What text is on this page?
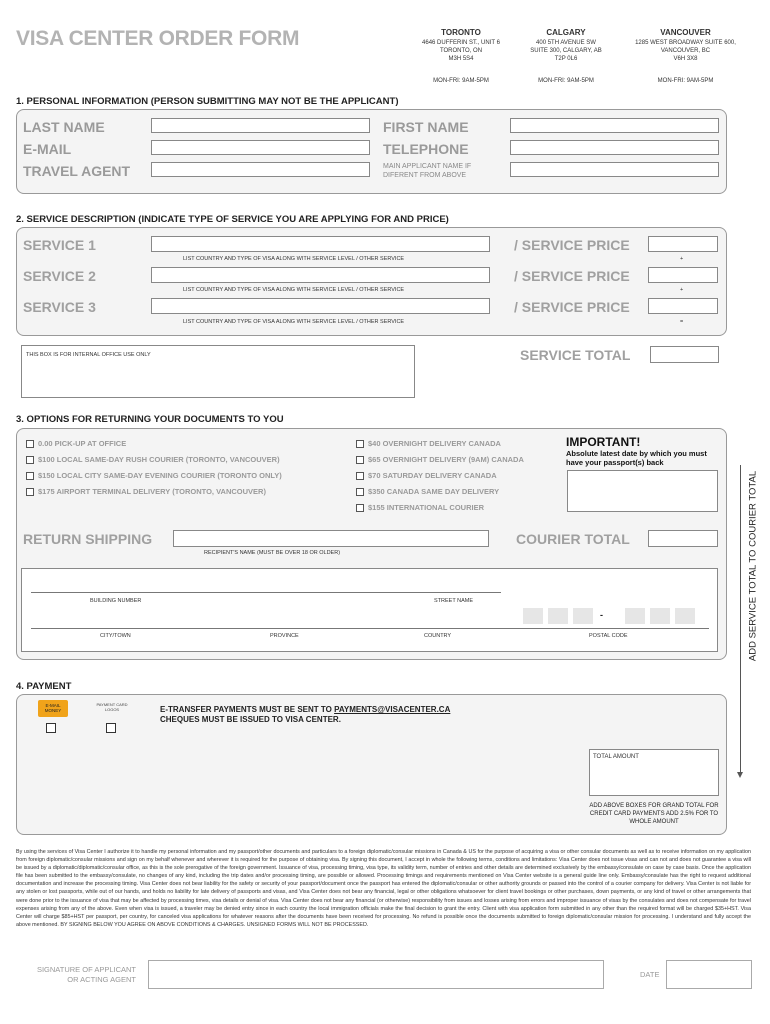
VISA CENTER ORDER FORM	TORONTO
4646 DUFFERIN ST., UNIT 6
TORONTO, ON
M3H 5S4
MON-FRI: 9AM-5PM
CALGARY
400 5TH AVENUE SW
SUITE 300, CALGARY, AB
T2P 0L6
MON-FRI: 9AM-5PM
VANCOUVER
1285 WEST BROADWAY SUITE 600,
VANCOUVER, BC
V6H 3X8
MON-FRI: 9AM-5PM
1. PERSONAL INFORMATION (PERSON SUBMITTING MAY NOT BE THE APPLICANT)
LAST NAME	FIRST NAME
E-MAIL	TELEPHONE
TRAVEL AGENT	MAIN APPLICANT NAME IF DIFERENT FROM ABOVE
2. SERVICE DESCRIPTION (INDICATE TYPE OF SERVICE YOU ARE APPLYING FOR AND PRICE)
SERVICE 1
LIST COUNTRY AND TYPE OF VISA ALONG WITH SERVICE LEVEL / OTHER SERVICE
/ SERVICE PRICE
+
SERVICE 2
LIST COUNTRY AND TYPE OF VISA ALONG WITH SERVICE LEVEL / OTHER SERVICE
/ SERVICE PRICE
+
SERVICE 3
LIST COUNTRY AND TYPE OF VISA ALONG WITH SERVICE LEVEL / OTHER SERVICE
/ SERVICE PRICE
=
THIS BOX IS FOR INTERNAL OFFICE USE ONLY	SERVICE TOTAL
3. OPTIONS FOR RETURNING YOUR DOCUMENTS TO YOU
0.00 PICK-UP AT OFFICE
$100 LOCAL SAME-DAY RUSH COURIER (TORONTO, VANCOUVER)
$150 LOCAL CITY SAME-DAY EVENING COURIER (TORONTO ONLY)
$175 AIRPORT TERMINAL DELIVERY (TORONTO, VANCOUVER)
$40 OVERNIGHT DELIVERY CANADA
$65 OVERNIGHT DELIVERY (9AM) CANADA
$70 SATURDAY DELIVERY CANADA
$350 CANADA SAME DAY DELIVERY
$155 INTERNATIONAL COURIER
IMPORTANT!
Absolute latest date by which you must have your passport(s) back
RETURN SHIPPING
RECIPIENT'S NAME (MUST BE OVER 18 OR OLDER)
COURIER TOTAL
BUILDING NUMBER	STREET NAME
CITY/TOWN	PROVINCE	COUNTRY	POSTAL CODE
-	ADD SERVICE TOTAL TO COURIER TOTAL
4. PAYMENT
E-MAIL MONEY
PAYMENT CARD LOGOS	E-TRANSFER PAYMENTS MUST BE SENT TO PAYMENTS@VISACENTER.CA
CHEQUES MUST BE ISSUED TO VISA CENTER.
TOTAL AMOUNT
ADD ABOVE BOXES FOR GRAND TOTAL FOR CREDIT CARD PAYMENTS ADD 2.5% FOR TO WHOLE AMOUNT
By using the services of Visa Center I authorize it to handle my personal information and my passport/other documents and particulars to a foreign diplomatic/consular missions in Canada & US for the purpose of acquiring a visa or other consular documents as well as to receive information on my application from foreign diplomatic/consular missions and sign on my behalf whenever and wherever it is required for the purpose of obtaining visa. By signing this document, I accept in whole the following terms, conditions and limitations: Visa Center does not issue visas and can not and does not guarantee a visa will be issued by a diplomatic/diplomatic/consular office, as this is the sole prerogative of the foreign government. Issuance of visa, processing timing, visa type, its validity term, number of entries and other details are determined exclusively by the embassy/consulate on case by case basis. Once the application file has been submitted to the embassy/consulate, no changes of any kind, including the trip dates and/or processing timing, are possible or allowed. Processing timings and requirements mentioned on Visa Center website is a general guide line only. Embassy/consulate has the right to request additional documentation and increase the processing timing. Visa Center does not bear liability for the safety or security of your passport/document once the passport has entered the diplomatic/consular or other authority grounds or passed into the control of a courier company for delivery. Visa Center is not liable for any stolen or lost passports, while out of our hands, and holds no liability for late delivery of passports and visas, and Visa Center does not bear any financial, legal or other obligations whatsoever for client travel bookings or other purchases, down payments, or any kind of travel or other arrangements that were done prior to the issuance of visa that may be affected by processing times, visa details or denial of visa. Visa Center does not bear any financial (or otherwise) responsibility from issues and losses arising from errors and improper issuance of visas by the consulates and does not compensate for travel expenses arising from any of the above. Even when visa is issued, a traveler may be denied entry since in each country the local immigration officials make the final decision to grant the entry. Client with visa application form submitted in any other than the required format will be charged $35+HST. Visa Center will charge $85+HST per passport, per country, for canceled visa applications for whatever reasons after the documents have been received for processing. No refund is possible once the documents submitted to foreign diplomatic/consular mission for processing. I understand and fully accept the above mentioned. BY SIGNING BELOW YOU AGREE ON ABOVE CONDITIONS & CHARGES. UNSIGNED FORMS WILL NOT BE PROCESSED.
SIGNATURE OF APPLICANT
OR ACTING AGENT
DATE
